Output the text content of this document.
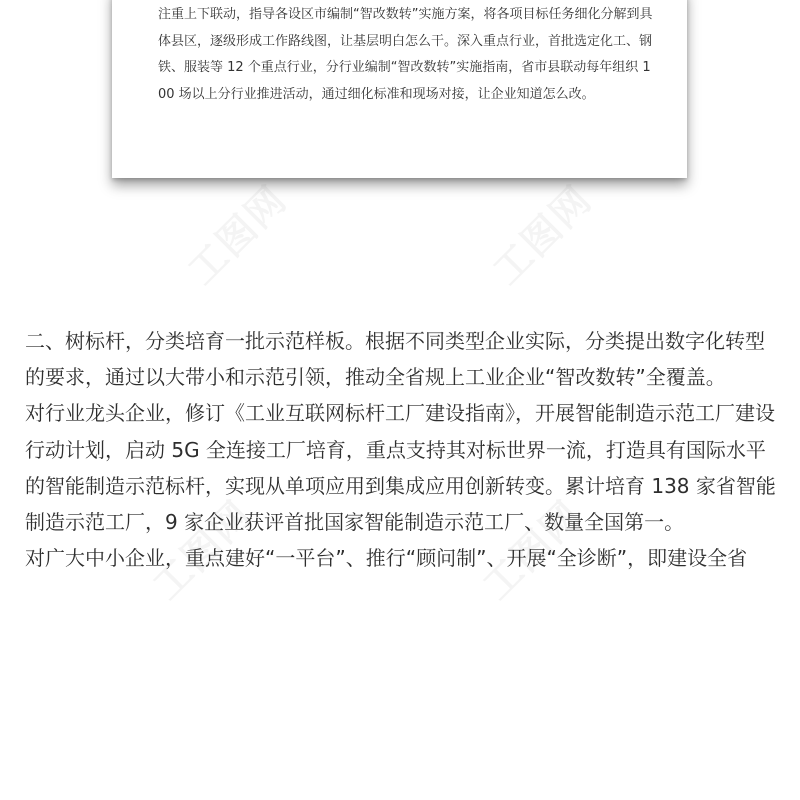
工图网	工图网
工图网	工图网

注重上下联动，指导各设区市编制“智改数转”实施方案，将各项目标任务细化分解到具体县区，逐级形成工作路线图，让基层明白怎么干。深入重点行业，首批选定化工、钢铁、服装等 12 个重点行业，分行业编制“智改数转”实施指南，省市县联动每年组织 100 场以上分行业推进活动，通过细化标准和现场对接，让企业知道怎么改。

二、树标杆，分类培育一批示范样板。根据不同类型企业实际，分类提出数字化转型的要求，通过以大带小和示范引领，推动全省规上工业企业“智改数转”全覆盖。

对行业龙头企业，修订《工业互联网标杆工厂建设指南》，开展智能制造示范工厂建设行动计划，启动 5G 全连接工厂培育，重点支持其对标世界一流，打造具有国际水平的智能制造示范标杆，实现从单项应用到集成应用创新转变。累计培育 138 家省智能制造示范工厂，9 家企业获评首批国家智能制造示范工厂、数量全国第一。

对广大中小企业，重点建好“一平台”、推行“顾问制”、开展“全诊断”，即建设全省
